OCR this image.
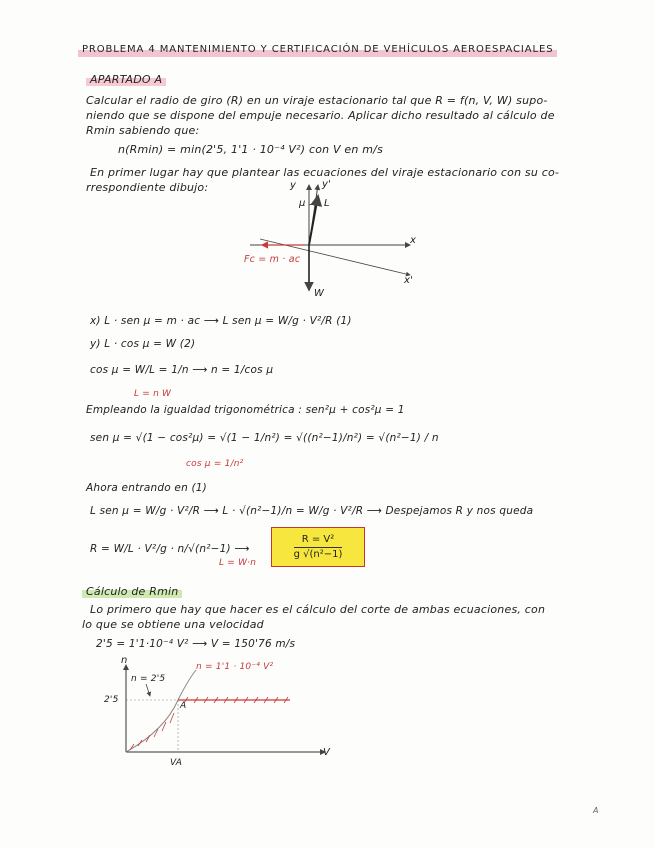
PROBLEMA 4 MANTENIMIENTO Y CERTIFICACIÓN DE VEHÍCULOS AEROESPACIALES
APARTADO A
Calcular el radio de giro (R) en un viraje estacionario tal que R = f(n, V, W) supo-
niendo que se dispone del empuje necesario. Aplicar dicho resultado al cálculo de
Rmin sabiendo que:
n(Rmin) = min(2'5, 1'1 · 10⁻⁴ V²) con V en m/s
En primer lugar hay que plantear las ecuaciones del viraje estacionario con su co-
rrespondiente dibujo:	y	y'
μ L
x
x'
W
Fc = m · ac
x) L · sen μ = m · ac ⟶ L sen μ = W/g · V²/R (1)
y) L · cos μ = W (2)
cos μ = W/L = 1/n ⟶ n = 1/cos μ
L = n W
Empleando la igualdad trigonométrica : sen²μ + cos²μ = 1
sen μ = √(1 − cos²μ) = √(1 − 1/n²) = √((n²−1)/n²) = √(n²−1) / n
cos μ = 1/n²
Ahora entrando en (1)
L sen μ = W/g · V²/R ⟶ L · √(n²−1)/n = W/g · V²/R ⟶ Despejamos R y nos queda
R = W/L · V²/g · n/√(n²−1) ⟶
$L = W\cdot n \frac{\text{R = V²}}{\text{g √(n²−1)}}$
Cálculo de Rmin
Lo primero que hay que hacer es el cálculo del corte de ambas ecuaciones, con
lo que se obtiene una velocidad
2'5 = 1'1·10⁻⁴ V² ⟶ V = 150'76 m/s
n
V
2'5
n = 2'5
n = 1'1 · 10⁻⁴ V²
A
VA
A
